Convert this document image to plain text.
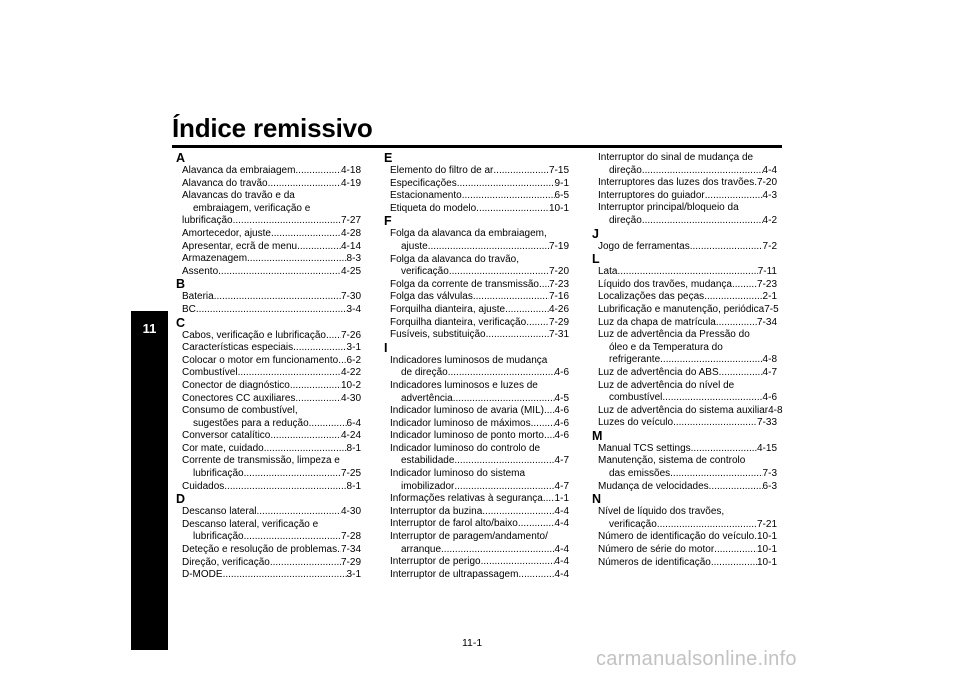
Índice remissivo
11
A
Alavanca da embraiagem .....	4-18
Alavanca do travão .....	4-19
Alavancas do travão e da
embraiagem, verificação e
lubrificação .....	7-27
Amortecedor, ajuste .....	4-28
Apresentar, ecrã de menu .....	4-14
Armazenagem .....	8-3
Assento .....	4-25
B
Bateria .....	7-30
BC .....	3-4
C
Cabos, verificação e lubrificação ..... 7-26
Características especiais .....	3-1
Colocar o motor em funcionamento ..... 6-2
Combustível .....	4-22
Conector de diagnóstico .....	10-2
Conectores CC auxiliares .....	4-30
Consumo de combustível,
sugestões para a redução .....	6-4
Conversor catalítico .....	4-24
Cor mate, cuidado .....	8-1
Corrente de transmissão, limpeza e
lubrificação .....	7-25
Cuidados .....	8-1
D
Descanso lateral .....	4-30
Descanso lateral, verificação e
lubrificação .....	7-28
Deteção e resolução de problemas ..... 7-34
Direção, verificação .....	7-29
D-MODE .....	3-1
E
Elemento do filtro de ar .....	7-15
Especificações .....	9-1
Estacionamento .....	6-5
Etiqueta do modelo .....	10-1
F
Folga da alavanca da embraiagem,
ajuste .....	7-19
Folga da alavanca do travão,
verificação .....	7-20
Folga da corrente de transmissão ..... 7-23
Folga das válvulas .....	7-16
Forquilha dianteira, ajuste .....	4-26
Forquilha dianteira, verificação ..... 7-29
Fusíveis, substituição .....	7-31
I
Indicadores luminosos de mudança
de direção .....	4-6
Indicadores luminosos e luzes de
advertência .....	4-5
Indicador luminoso de avaria (MIL) ..... 4-6
Indicador luminoso de máximos ..... 4-6
Indicador luminoso de ponto morto ..... 4-6
Indicador luminoso do controlo de
estabilidade .....	4-7
Indicador luminoso do sistema
imobilizador .....	4-7
Informações relativas à segurança ..... 1-1
Interruptor da buzina .....	4-4
Interruptor de farol alto/baixo .....	4-4
Interruptor de paragem/andamento/
arranque .....	4-4
Interruptor de perigo .....	4-4
Interruptor de ultrapassagem .....	4-4
Interruptor do sinal de mudança de
direção .....	4-4
Interruptores das luzes dos travões ..... 7-20
Interruptores do guiador .....	4-3
Interruptor principal/bloqueio da
direção .....	4-2
J
Jogo de ferramentas .....	7-2
L
Lata .....	7-11
Líquido dos travões, mudança .....	7-23
Localizações das peças .....	2-1
Lubrificação e manutenção, periódica 7-5
Luz da chapa de matrícula .....	7-34
Luz de advertência da Pressão do
óleo e da Temperatura do
refrigerante .....	4-8
Luz de advertência do ABS .....	4-7
Luz de advertência do nível de
combustível .....	4-6
Luz de advertência do sistema auxiliar 4-8
Luzes do veículo .....	7-33
M
Manual TCS settings .....	4-15
Manutenção, sistema de controlo
das emissões .....	7-3
Mudança de velocidades .....	6-3
N
Nível de líquido dos travões,
verificação .....	7-21
Número de identificação do veículo ..... 10-1
Número de série do motor .....	10-1
Números de identificação .....	10-1
11-1
carmanualsonline.info
